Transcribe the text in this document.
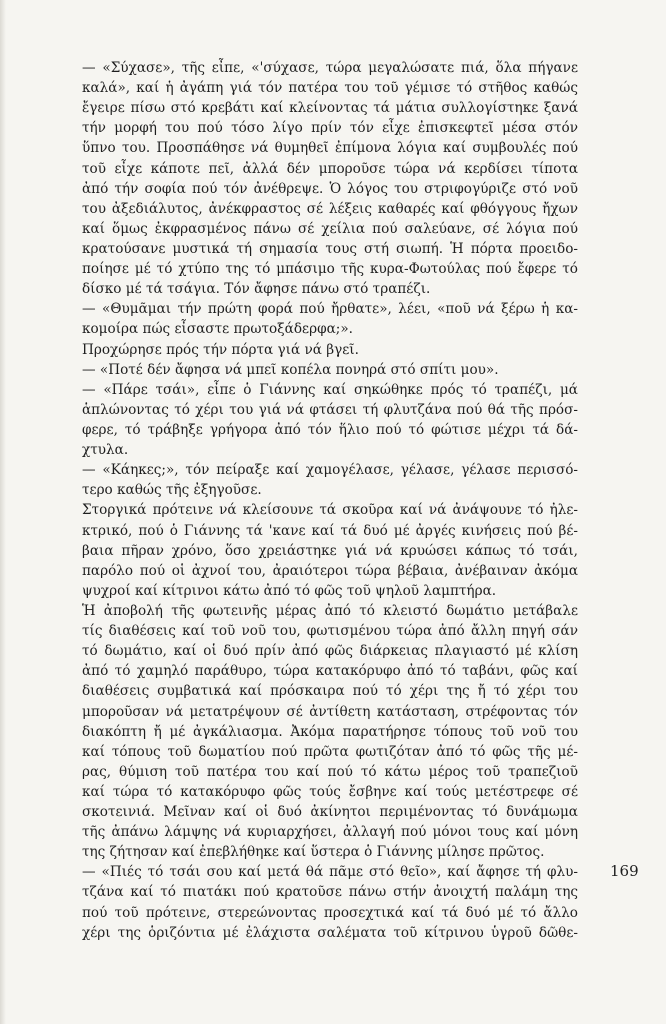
— «Σύχασε», τῆς εἶπε, «'σύχασε, τώρα μεγαλώσατε πιά, ὅλα πήγανε
καλά», καί ἡ ἀγάπη γιά τόν πατέρα του τοῦ γέμισε τό στῆθος καθώς
ἔγειρε πίσω στό κρεβάτι καί κλείνοντας τά μάτια συλλογίστηκε ξανά
τήν μορφή του πού τόσο λίγο πρίν τόν εἶχε ἐπισκεφτεῖ μέσα στόν
ὕπνο του. Προσπάθησε νά θυμηθεῖ ἐπίμονα λόγια καί συμβουλές πού
τοῦ εἶχε κάποτε πεῖ, ἀλλά δέν μποροῦσε τώρα νά κερδίσει τίποτα
ἀπό τήν σοφία πού τόν ἀνέθρεψε. Ὁ λόγος του στριφογύριζε στό νοῦ
του ἀξεδιάλυτος, ἀνέκφραστος σέ λέξεις καθαρές καί φθόγγους ἤχων
καί ὅμως ἐκφρασμένος πάνω σέ χείλια πού σαλεύανε, σέ λόγια πού
κρατούσανε μυστικά τή σημασία τους στή σιωπή. Ἡ πόρτα προειδο-
ποίησε μέ τό χτύπο της τό μπάσιμο τῆς κυρα-Φωτούλας πού ἔφερε τό
δίσκο μέ τά τσάγια. Τόν ἄφησε πάνω στό τραπέζι.
— «Θυμᾶμαι τήν πρώτη φορά πού ἤρθατε», λέει, «ποῦ νά ξέρω ἡ κα-
κομοίρα πώς εἶσαστε πρωτοξάδερφα;».
Προχώρησε πρός τήν πόρτα γιά νά βγεῖ.
— «Ποτέ δέν ἄφησα νά μπεῖ κοπέλα πονηρά στό σπίτι μου».
— «Πάρε τσάι», εἶπε ὁ Γιάννης καί σηκώθηκε πρός τό τραπέζι, μά
ἁπλώνοντας τό χέρι του γιά νά φτάσει τή φλυτζάνα πού θά τῆς πρόσ-
φερε, τό τράβηξε γρήγορα ἀπό τόν ἥλιο πού τό φώτισε μέχρι τά δά-
χτυλα.
— «Κάηκες;», τόν πείραξε καί χαμογέλασε, γέλασε, γέλασε περισσό-
τερο καθώς τῆς ἐξηγοῦσε.
Στοργικά πρότεινε νά κλείσουνε τά σκοῦρα καί νά ἀνάψουνε τό ἠλε-
κτρικό, πού ὁ Γιάννης τά 'κανε καί τά δυό μέ ἀργές κινήσεις πού βέ-
βαια πῆραν χρόνο, ὅσο χρειάστηκε γιά νά κρυώσει κάπως τό τσάι,
παρόλο πού οἱ ἀχνοί του, ἀραιότεροι τώρα βέβαια, ἀνέβαιναν ἀκόμα
ψυχροί καί κίτρινοι κάτω ἀπό τό φῶς τοῦ ψηλοῦ λαμπτήρα.
Ἡ ἀποβολή τῆς φωτεινῆς μέρας ἀπό τό κλειστό δωμάτιο μετάβαλε
τίς διαθέσεις καί τοῦ νοῦ του, φωτισμένου τώρα ἀπό ἄλλη πηγή σάν
τό δωμάτιο, καί οἱ δυό πρίν ἀπό φῶς διάρκειας πλαγιαστό μέ κλίση
ἀπό τό χαμηλό παράθυρο, τώρα κατακόρυφο ἀπό τό ταβάνι, φῶς καί
διαθέσεις συμβατικά καί πρόσκαιρα πού τό χέρι της ἤ τό χέρι του
μποροῦσαν νά μετατρέψουν σέ ἀντίθετη κατάσταση, στρέφοντας τόν
διακόπτη ἤ μέ ἀγκάλιασμα. Ἀκόμα παρατήρησε τόπους τοῦ νοῦ του
καί τόπους τοῦ δωματίου πού πρῶτα φωτιζόταν ἀπό τό φῶς τῆς μέ-
ρας, θύμιση τοῦ πατέρα του καί πού τό κάτω μέρος τοῦ τραπεζιοῦ
καί τώρα τό κατακόρυφο φῶς τούς ἔσβηνε καί τούς μετέστρεφε σέ
σκοτεινιά. Μεῖναν καί οἱ δυό ἀκίνητοι περιμένοντας τό δυνάμωμα
τῆς ἀπάνω λάμψης νά κυριαρχήσει, ἀλλαγή πού μόνοι τους καί μόνη
της ζήτησαν καί ἐπεβλήθηκε καί ὕστερα ὁ Γιάννης μίλησε πρῶτος.
— «Πιές τό τσάι σου καί μετά θά πᾶμε στό θεῖο», καί ἄφησε τή φλυ-
τζάνα καί τό πιατάκι πού κρατοῦσε πάνω στήν ἀνοιχτή παλάμη της
πού τοῦ πρότεινε, στερεώνοντας προσεχτικά καί τά δυό μέ τό ἄλλο
χέρι της ὁριζόντια μέ ἐλάχιστα σαλέματα τοῦ κίτρινου ὑγροῦ δῶθε-
169
